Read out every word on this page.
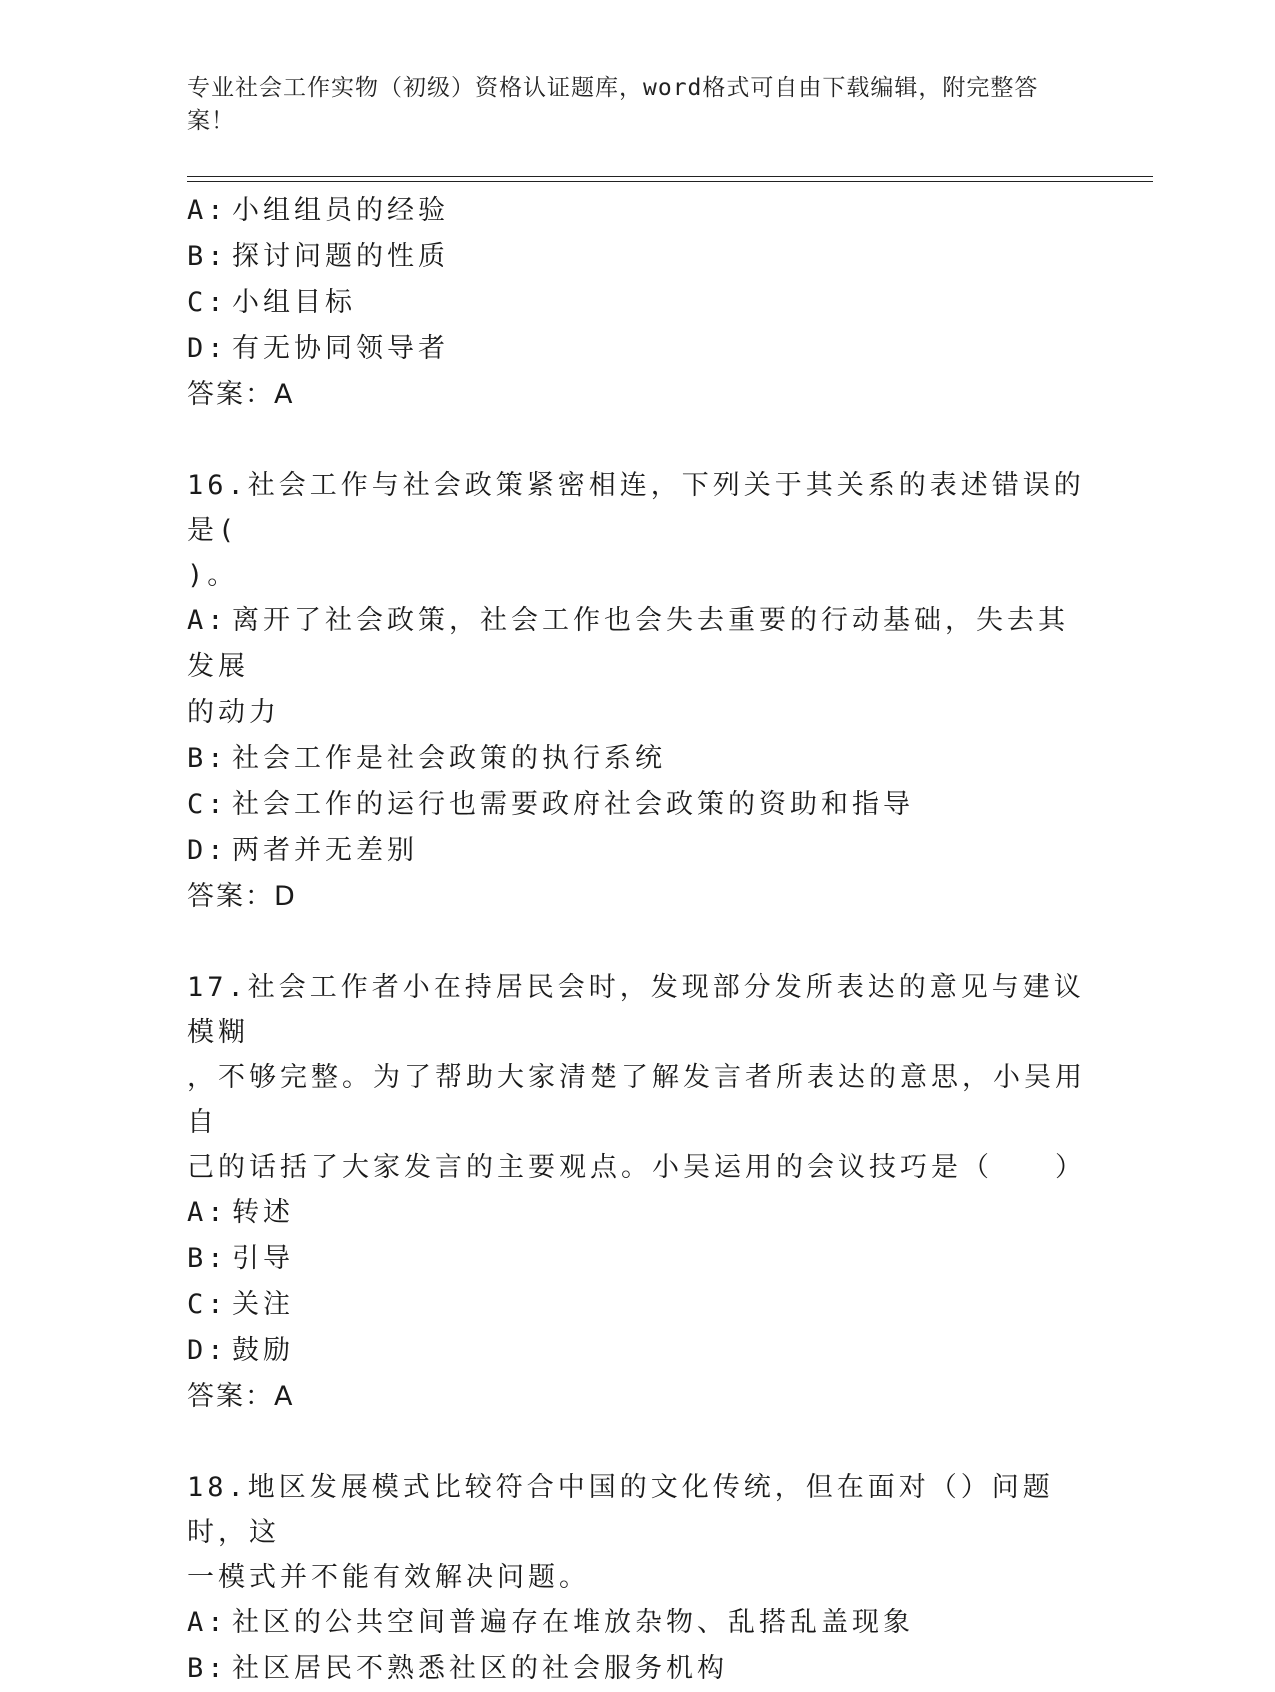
专业社会工作实物（初级）资格认证题库，word格式可自由下载编辑，附完整答案！
A: 小组组员的经验
B: 探讨问题的性质
C: 小组目标
D: 有无协同领导者
答案：A
16.社会工作与社会政策紧密相连，下列关于其关系的表述错误的是(
)。
A: 离开了社会政策，社会工作也会失去重要的行动基础，失去其发展
的动力
B: 社会工作是社会政策的执行系统
C: 社会工作的运行也需要政府社会政策的资助和指导
D: 两者并无差别
答案：D
17.社会工作者小在持居民会时，发现部分发所表达的意见与建议模糊
，不够完整。为了帮助大家清楚了解发言者所表达的意思，小吴用自
己的话括了大家发言的主要观点。小吴运用的会议技巧是（　　）
A: 转述
B: 引导
C: 关注
D: 鼓励
答案：A
18.地区发展模式比较符合中国的文化传统，但在面对（）问题时，这
一模式并不能有效解决问题。
A: 社区的公共空间普遍存在堆放杂物、乱搭乱盖现象
B: 社区居民不熟悉社区的社会服务机构
